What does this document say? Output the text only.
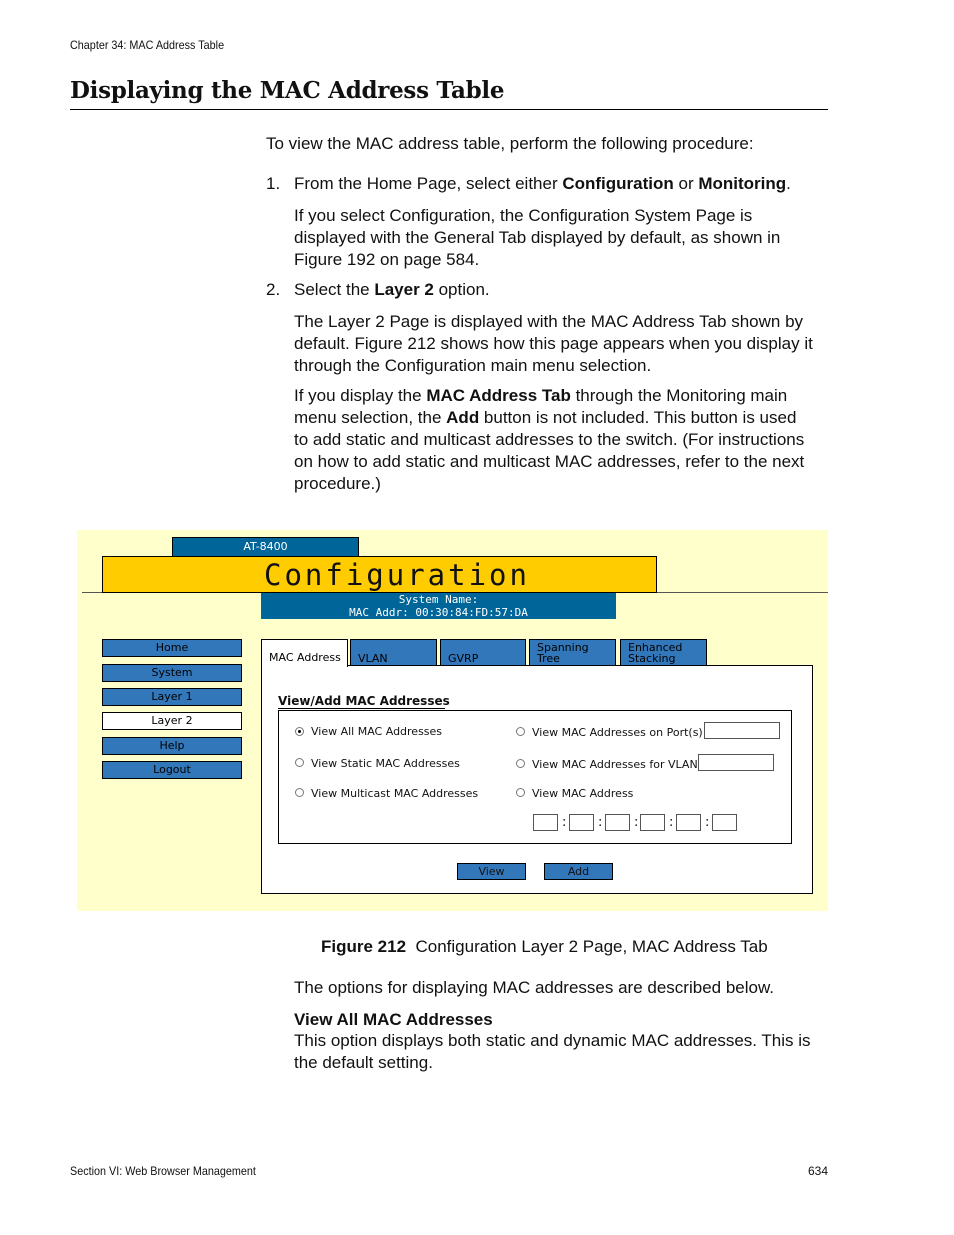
Chapter 34: MAC Address Table
Displaying the MAC Address Table
To view the MAC address table, perform the following procedure:
1. From the Home Page, select either Configuration or Monitoring.
If you select Configuration, the Configuration System Page is displayed with the General Tab displayed by default, as shown in Figure 192 on page 584.
2. Select the Layer 2 option.
The Layer 2 Page is displayed with the MAC Address Tab shown by default. Figure 212 shows how this page appears when you display it through the Configuration main menu selection.
If you display the MAC Address Tab through the Monitoring main menu selection, the Add button is not included. This button is used to add static and multicast addresses to the switch. (For instructions on how to add static and multicast MAC addresses, refer to the next procedure.)
AT-8400
Configuration
System Name:
MAC Addr: 00:30:84:FD:57:DA
Home
System
Layer 1
Layer 2
Help
Logout
MAC Address	VLAN	GVRP
Spanning
Tree
Enhanced
Stacking
View/Add MAC Addresses
View All MAC Addresses
View Static MAC Addresses
View Multicast MAC Addresses
View MAC Addresses on Port(s)
View MAC Addresses for VLAN
View MAC Address
: : : : :
View	Add
Figure 212 Configuration Layer 2 Page, MAC Address Tab
The options for displaying MAC addresses are described below.
View All MAC Addresses
This option displays both static and dynamic MAC addresses. This is the default setting.
Section VI: Web Browser Management	634
